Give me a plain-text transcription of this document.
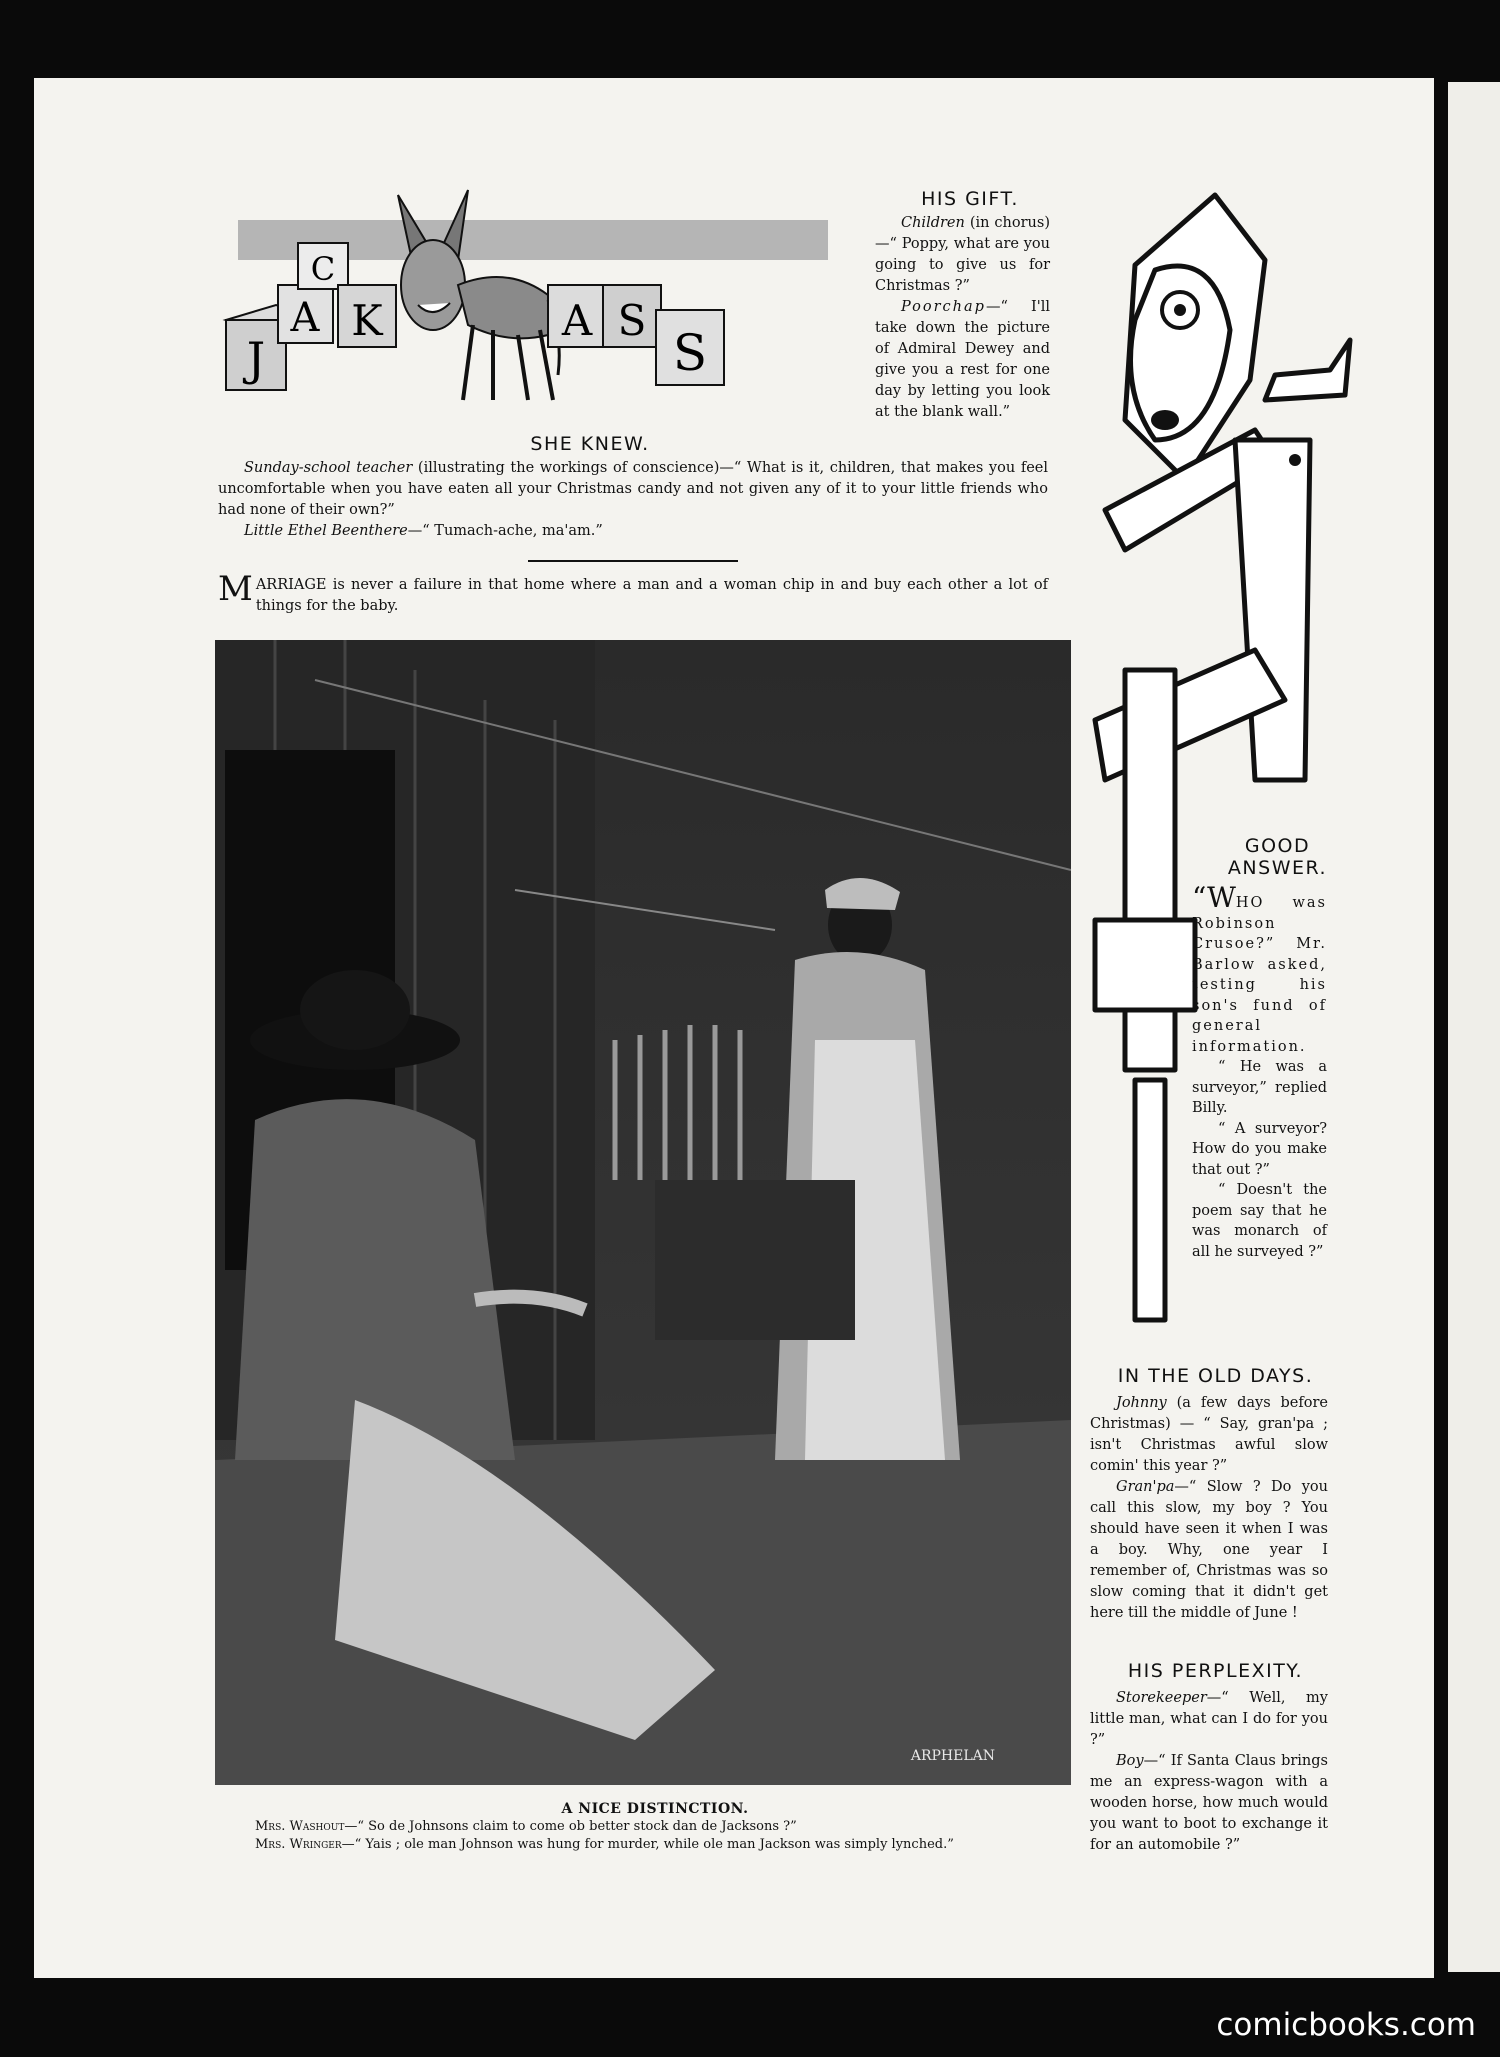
J
A
C
K	A S
S
HIS GIFT.

Children (in chorus)—“ Poppy, what are you going to give us for Christmas ?”

Poorchap—“ I'll take down the picture of Admiral Dewey and give you a rest for one day by letting you look at the blank wall.”

SHE KNEW.

Sunday-school teacher (illustrating the workings of conscience)—“ What is it, children, that makes you feel uncomfortable when you have eaten all your Christmas candy and not given any of it to your little friends who had none of their own?”

Little Ethel Beenthere—“ Tumach-ache, ma'am.”

MARRIAGE is never a failure in that home where a man and a woman chip in and buy each other a lot of things for the baby.
ARPHELAN
A NICE DISTINCTION.
Mrs. Washout—“ So de Johnsons claim to come ob better stock dan de Jacksons ?”
Mrs. Wringer—“ Yais ; ole man Johnson was hung for murder, while ole man Jackson was simply lynched.”
GOOD
ANSWER.
“WHO was Robinson Crusoe?” Mr. Barlow asked, testing his son's fund of general information.

“ He was a surveyor,” replied Billy.

“ A surveyor? How do you make that out ?”

“ Doesn't the poem say that he was monarch of all he surveyed ?”

IN THE OLD DAYS.

Johnny (a few days before Christmas) — “ Say, gran'pa ; isn't Christmas awful slow comin' this year ?”

Gran'pa—“ Slow ? Do you call this slow, my boy ? You should have seen it when I was a boy. Why, one year I remember of, Christmas was so slow coming that it didn't get here till the middle of June !

HIS PERPLEXITY.

Storekeeper—“ Well, my little man, what can I do for you ?”

Boy—“ If Santa Claus brings me an express-wagon with a wooden horse, how much would you want to boot to exchange it for an automobile ?”

comicbooks.com
